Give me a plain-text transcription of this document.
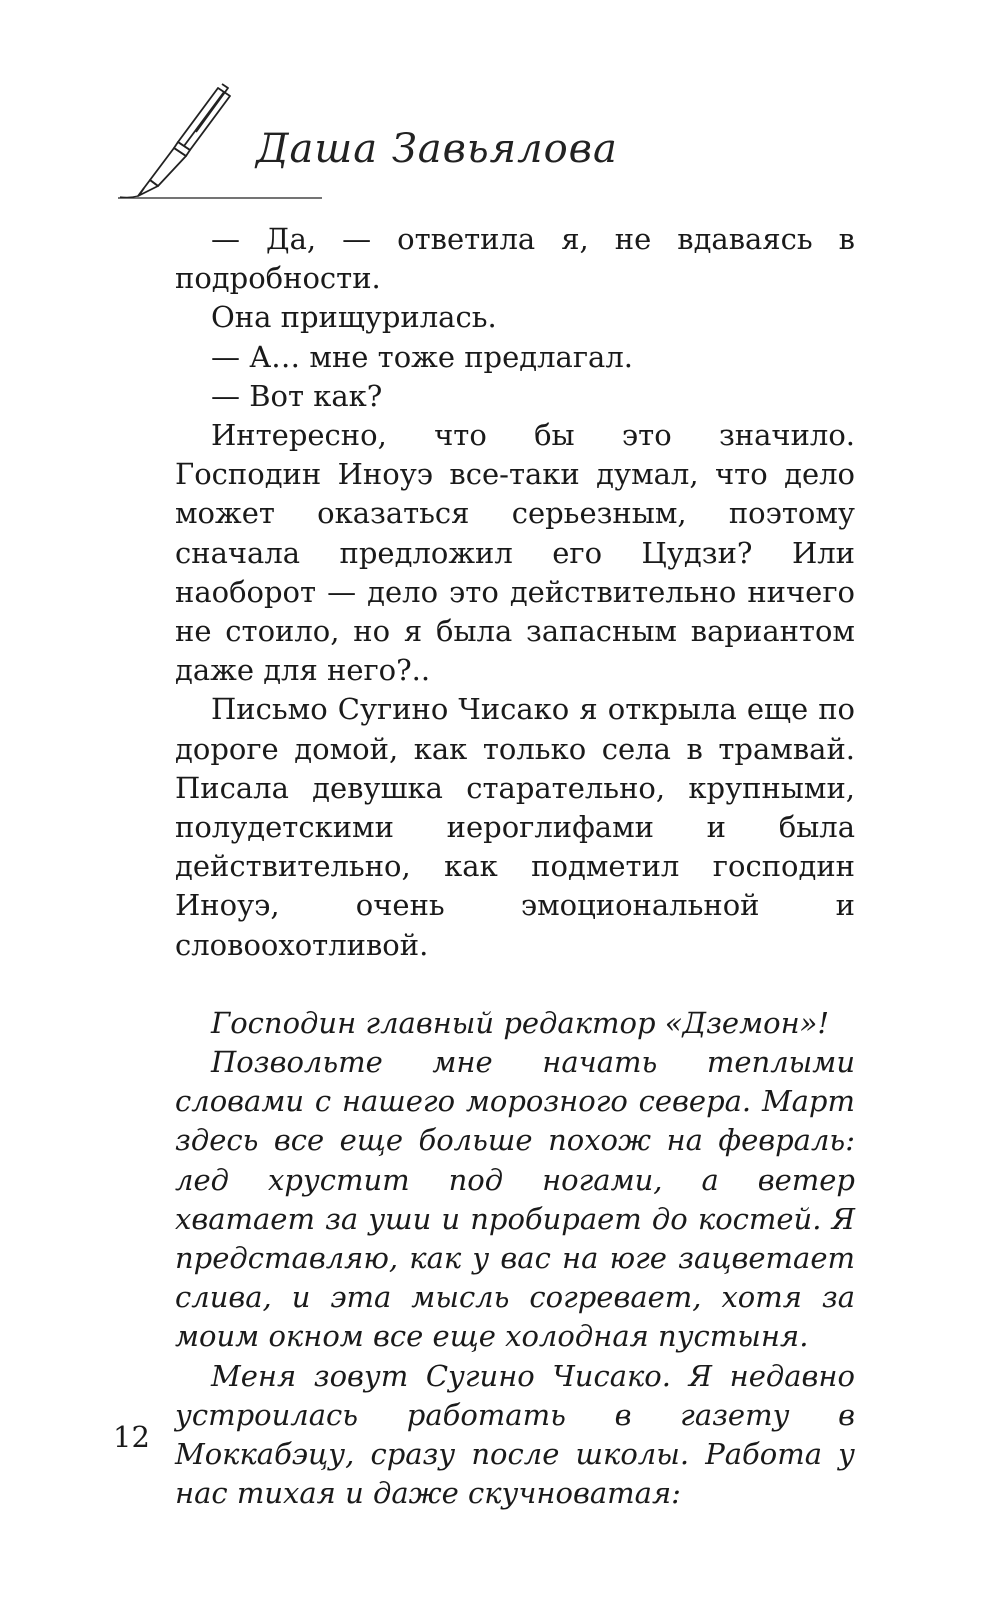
Даша Завьялова

— Да, — ответила я, не вдаваясь в подробности.

Она прищурилась.

— А… мне тоже предлагал.

— Вот как?

Интересно, что бы это значило. Господин Иноуэ все-таки думал, что дело может оказаться серьезным, поэтому сначала предложил его Цудзи? Или наоборот — дело это действительно ничего не стоило, но я была запасным вариантом даже для него?..

Письмо Сугино Чисако я открыла еще по дороге домой, как только села в трамвай. Писала девушка старательно, крупными, полудетскими иероглифами и была действительно, как подметил господин Иноуэ, очень эмоциональной и словоохотливой.

Господин главный редактор «Дземон»!

Позвольте мне начать теплыми словами с нашего морозного севера. Март здесь все еще больше похож на февраль: лед хрустит под ногами, а ветер хватает за уши и пробирает до костей. Я представляю, как у вас на юге зацветает слива, и эта мысль согревает, хотя за моим окном все еще холодная пустыня.

Меня зовут Сугино Чисако. Я недавно устроилась работать в газету в Моккабэцу, сразу после школы. Работа у нас тихая и даже скучноватая:

12
